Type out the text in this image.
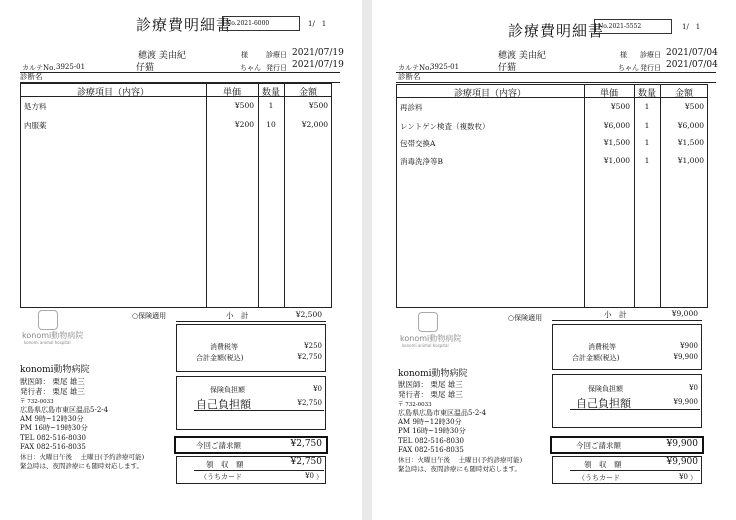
診療費明細書
No.2021-6000	1/　1
穂渡 美由紀	様	診療日 2021/07/19
カルテNo. 3925-01	仔猫	ちゃん 発行日 2021/07/19
診断名
診療項目（内容）	単価	数量	金額
処方料	¥500	1	¥500
内服薬	¥200	10	¥2,000
konomi動物病院
konomi animal hospital
○保険適用	小　計	¥2,500
消費税等	¥250
合計金額(税込)	¥2,750
保険負担額	¥0
自己負担額	¥2,750
konomi動物病院
獣医師： 栗尾 雄三
発行者： 栗尾 雄三
〒 732-0033
広島県広島市東区温品5-2-4
AM 9時~12時30分
PM 16時~19時30分
TEL 082-516-8030
FAX 082-516-8035
休日：火曜日午後　 土曜日(予約診療可能)
緊急時は、夜間診療にも随時対応します。
今回ご請求額	¥2,750
領　収　額	¥2,750
（うちカード	¥0 ）
診療費明細書
No.2021-5552	1/　1
穂渡 美由紀	様 診療日 2021/07/04
カルテNo.
3925-01	仔猫	ちゃん 発行日 2021/07/04
診断名
診療項目（内容）	単価	数量	金額
再診料	¥500	1	¥500
レントゲン検査（複数枚）	¥6,000	1	¥6,000
包帯交換A	¥1,500	1	¥1,500
消毒洗浄等B	¥1,000	1	¥1,000
konomi動物病院
konomi animal hospital
○保険適用	小　計	¥9,000
消費税等	¥900
合計金額(税込)	¥9,900
保険負担額	¥0
自己負担額	¥9,900
konomi動物病院
獣医師： 栗尾 雄三
発行者： 栗尾 雄三
〒 732-0033
広島県広島市東区温品5-2-4
AM 9時~12時30分
PM 16時~19時30分
TEL 082-516-8030
FAX 082-516-8035
休日：火曜日午後　 土曜日(予約診療可能)
緊急時は、夜間診療にも随時対応します。
今回ご請求額	¥9,900
領　収　額	¥9,900
（うちカード	¥0 ）
